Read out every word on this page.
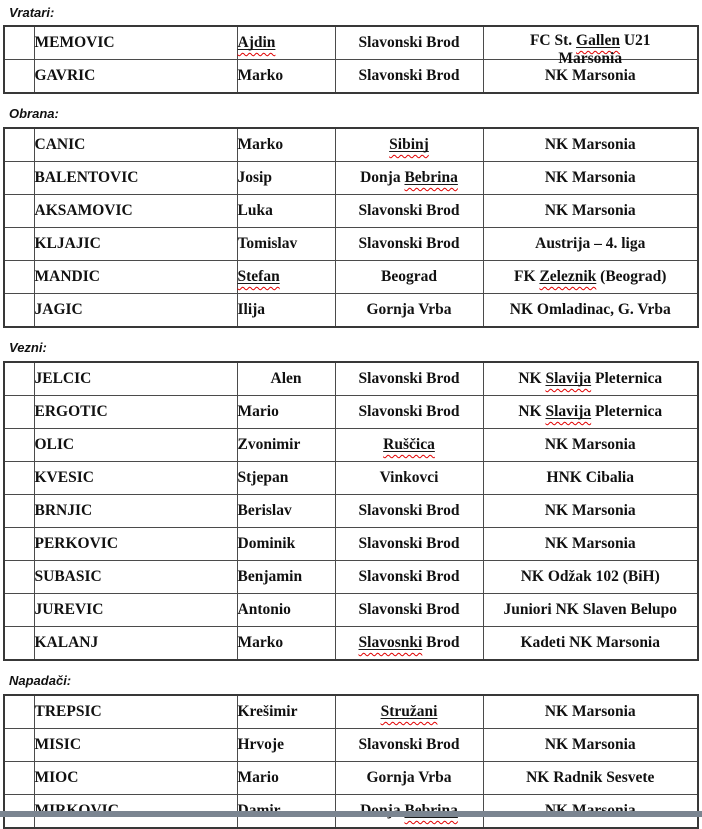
Vratari:
	MEMOVIC	Ajdin	Slavonski Brod	FC St. Gallen U21
Marsonia

	GAVRIC	Marko	Slavonski Brod	NK Marsonia
Obrana:
	CANIC	Marko	Sibinj	NK Marsonia
	BALENTOVIC	Josip	Donja Bebrina	NK Marsonia
	AKSAMOVIC	Luka	Slavonski Brod	NK Marsonia
	KLJAJIC	Tomislav	Slavonski Brod	Austrija – 4. liga
	MANDIC	Stefan	Beograd	FK Zeleznik (Beograd)
	JAGIC	Ilija	Gornja Vrba	NK Omladinac, G. Vrba
Vezni:
	JELCIC	Alen	Slavonski Brod	NK Slavija Pleternica
	ERGOTIC	Mario	Slavonski Brod	NK Slavija Pleternica
	OLIC	Zvonimir	Ruščica	NK Marsonia
	KVESIC	Stjepan	Vinkovci	HNK Cibalia
	BRNJIC	Berislav	Slavonski Brod	NK Marsonia
	PERKOVIC	Dominik	Slavonski Brod	NK Marsonia
	SUBASIC	Benjamin	Slavonski Brod	NK Odžak 102 (BiH)
	JUREVIC	Antonio	Slavonski Brod	Juniori NK Slaven Belupo
	KALANJ	Marko	Slavosnki Brod	Kadeti NK Marsonia
Napadači:
	TREPSIC	Krešimir	Stružani	NK Marsonia
	MISIC	Hrvoje	Slavonski Brod	NK Marsonia
	MIOC	Mario	Gornja Vrba	NK Radnik Sesvete
